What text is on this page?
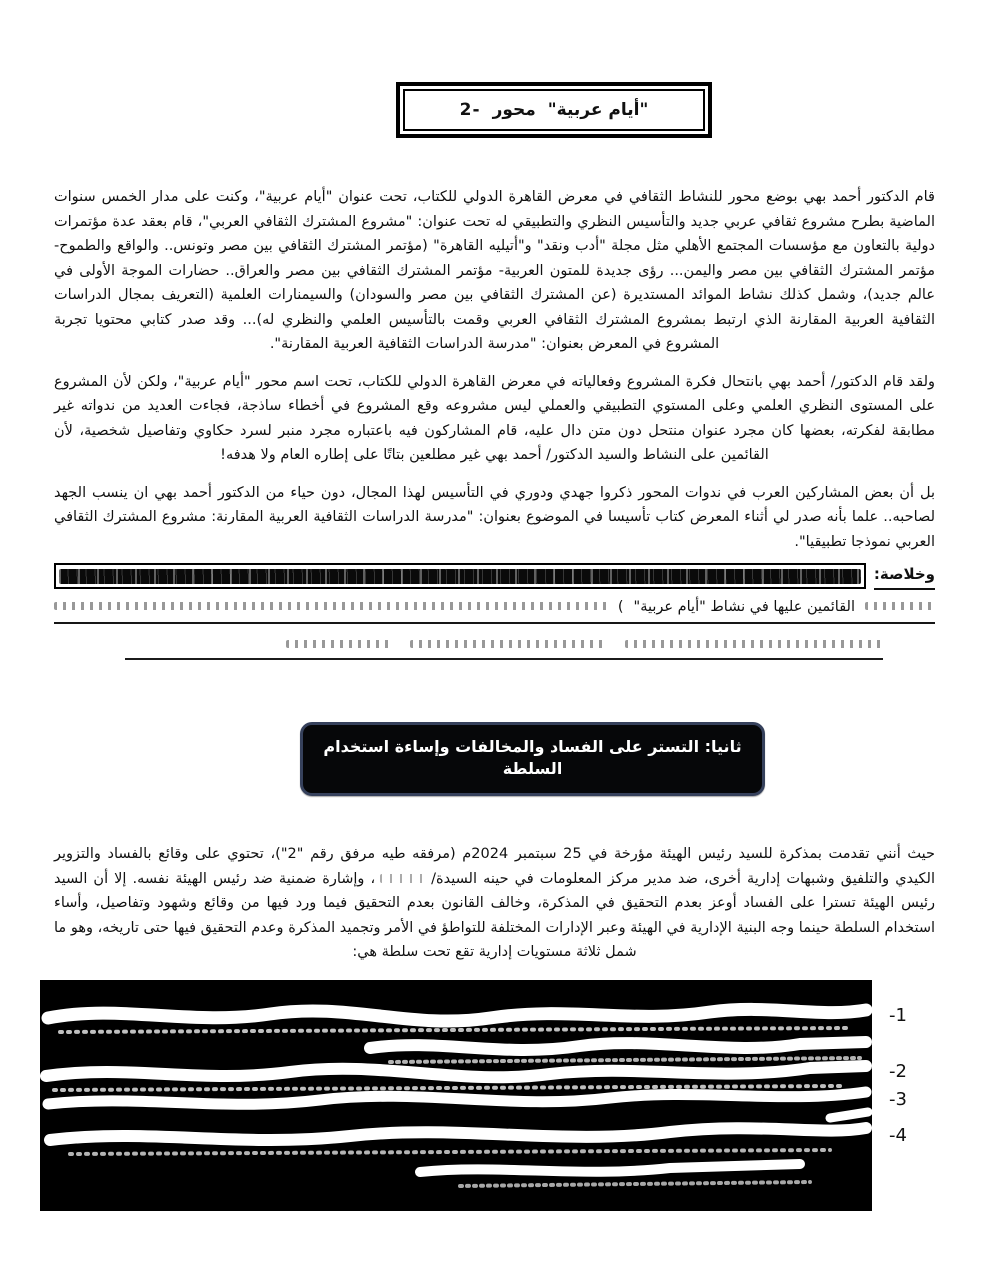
2- محور "أيام عربية"

قام الدكتور أحمد بهي بوضع محور للنشاط الثقافي في معرض القاهرة الدولي للكتاب، تحت عنوان "أيام عربية"، وكنت على مدار الخمس سنوات الماضية بطرح مشروع ثقافي عربي جديد والتأسيس النظري والتطبيقي له تحت عنوان: "مشروع المشترك الثقافي العربي"، قام بعقد عدة مؤتمرات دولية بالتعاون مع مؤسسات المجتمع الأهلي مثل مجلة "أدب ونقد" و"أتيليه القاهرة" (مؤتمر المشترك الثقافي بين مصر وتونس.. والواقع والطموح- مؤتمر المشترك الثقافي بين مصر واليمن... رؤى جديدة للمتون العربية- مؤتمر المشترك الثقافي بين مصر والعراق.. حضارات الموجة الأولى في عالم جديد)، وشمل كذلك نشاط الموائد المستديرة (عن المشترك الثقافي بين مصر والسودان) والسيمنارات العلمية (التعريف بمجال الدراسات الثقافية العربية المقارنة الذي ارتبط بمشروع المشترك الثقافي العربي وقمت بالتأسيس العلمي والنظري له)... وقد صدر كتابي محتويا تجربة المشروع في المعرض بعنوان: "مدرسة الدراسات الثقافية العربية المقارنة".

ولقد قام الدكتور/ أحمد بهي بانتحال فكرة المشروع وفعالياته في معرض القاهرة الدولي للكتاب، تحت اسم محور "أيام عربية"، ولكن لأن المشروع على المستوى النظري العلمي وعلى المستوي التطبيقي والعملي ليس مشروعه وقع المشروع في أخطاء ساذجة، فجاءت العديد من ندواته غير مطابقة لفكرته، بعضها كان مجرد عنوان منتحل دون متن دال عليه، قام المشاركون فيه باعتباره مجرد منبر لسرد حكاوي وتفاصيل شخصية، لأن القائمين على النشاط والسيد الدكتور/ أحمد بهي غير مطلعين بتاتًا على إطاره العام ولا هدفه!

بل أن بعض المشاركين العرب في ندوات المحور ذكروا جهدي ودوري في التأسيس لهذا المجال، دون حياء من الدكتور أحمد بهي ان ينسب الجهد لصاحبه.. علما بأنه صدر لي أثناء المعرض كتاب تأسيسا في الموضوع بعنوان: "مدرسة الدراسات الثقافية العربية المقارنة: مشروع المشترك الثقافي العربي نموذجا تطبيقيا".

وخلاصة:
القائمين عليها في نشاط "أيام عربية"
)
ثانيا: التستر على الفساد والمخالفات وإساءة استخدام السلطة

حيث أنني تقدمت بمذكرة للسيد رئيس الهيئة مؤرخة في 25 سبتمبر 2024م (مرفقه طيه مرفق رقم "2")، تحتوي على وقائع بالفساد والتزوير الكيدي والتلفيق وشبهات إدارية أخرى، ضد مدير مركز المعلومات في حينه السيدة/، وإشارة ضمنية ضد رئيس الهيئة نفسه. إلا أن السيد رئيس الهيئة تسترا على الفساد أوعز بعدم التحقيق في المذكرة، وخالف القانون بعدم التحقيق فيما ورد فيها من وقائع وشهود وتفاصيل، وأساء استخدام السلطة حينما وجه البنية الإدارية في الهيئة وعبر الإدارات المختلفة للتواطؤ في الأمر وتجميد المذكرة وعدم التحقيق فيها حتى تاريخه، وهو ما شمل ثلاثة مستويات إدارية تقع تحت سلطة هي:

-1
-2
-3
-4
